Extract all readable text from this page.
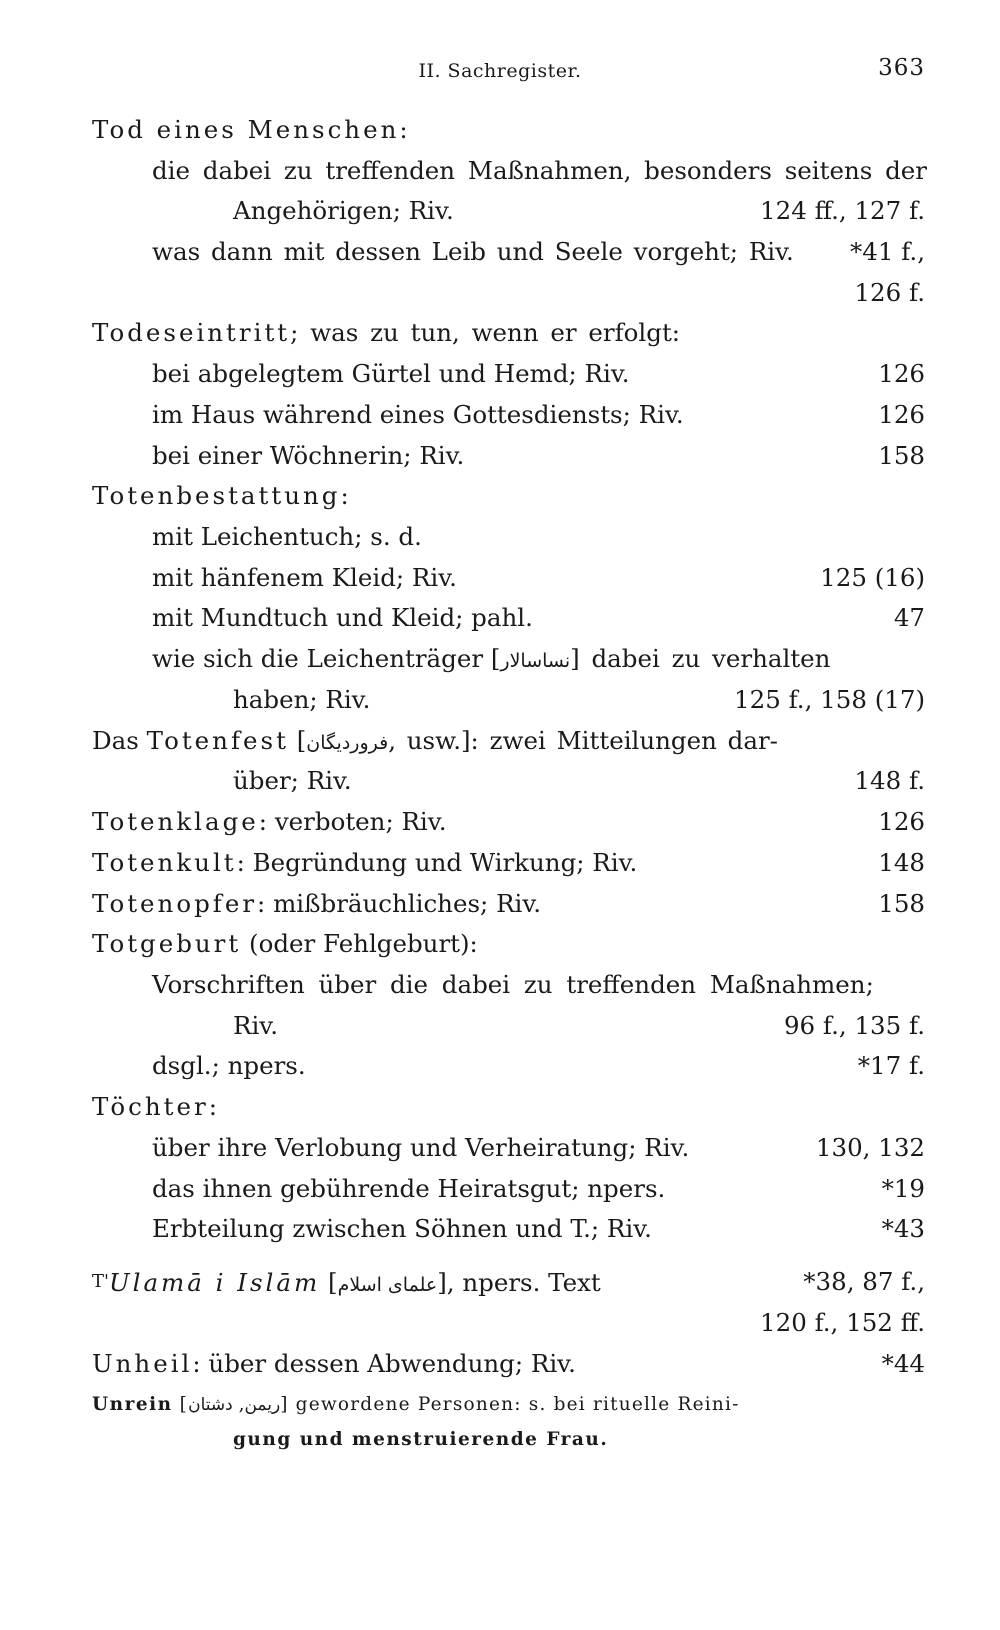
II. Sachregister.	363
Tod eines Menschen:
die dabei zu treffenden Maßnahmen, besonders seitens der
Angehörigen; Riv.	124 ff., 127 f.
was dann mit dessen Leib und Seele vorgeht; Riv. *41 f.,
126 f.
Todeseintritt; was zu tun, wenn er erfolgt:
bei abgelegtem Gürtel und Hemd; Riv.	126
im Haus während eines Gottesdiensts; Riv.	126
bei einer Wöchnerin; Riv.	158
Totenbestattung:
mit Leichentuch; s. d.
mit hänfenem Kleid; Riv.	125 (16)
mit Mundtuch und Kleid; pahl.	47
wie sich die Leichenträger [نساسالار] dabei zu verhalten
haben; Riv.	125 f., 158 (17)
Das Totenfest [فروردیگان, usw.]: zwei Mitteilungen dar-
über; Riv.	148 f.
Totenklage: verboten; Riv.	126
Totenkult: Begründung und Wirkung; Riv.	148
Totenopfer: mißbräuchliches; Riv.	158
Totgeburt (oder Fehlgeburt):
Vorschriften über die dabei zu treffenden Maßnahmen;
Riv.	96 f., 135 f.
dsgl.; npers.	*17 f.
Töchter:
über ihre Verlobung und Verheiratung; Riv.	130, 132
das ihnen gebührende Heiratsgut; npers.	*19
Erbteilung zwischen Söhnen und T.; Riv.	*43
T'Ulamā i Islām [علمای اسلام], npers. Text	*38, 87 f.,
120 f., 152 ff.
Unheil: über dessen Abwendung; Riv.	*44
Unrein [	ریمن, دشتان	] gewordene Personen: s. bei rituelle Reini-
gung und menstruierende Frau.
